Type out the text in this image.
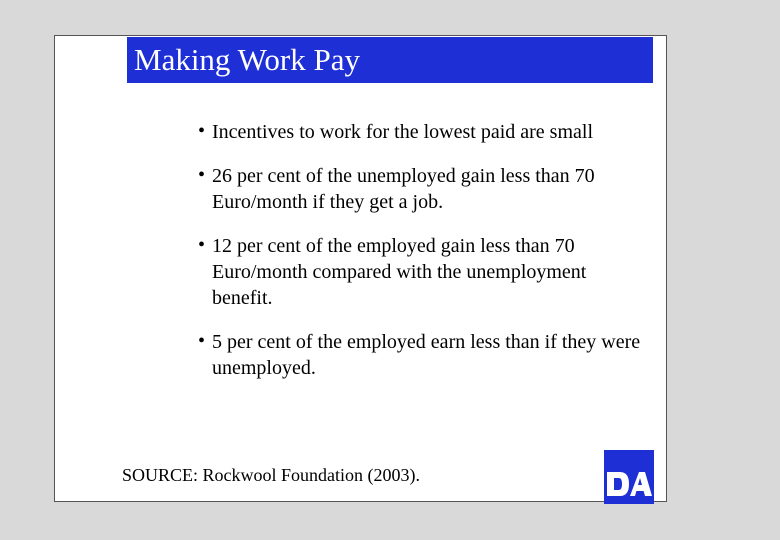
Making Work Pay
• Incentives to work for the lowest paid are small
• 26 per cent of the unemployed gain less than 70 Euro/month if they get a job.
• 12 per cent of the employed gain less than 70 Euro/month compared with the unemployment benefit.
• 5 per cent of the employed earn less than if they were unemployed.
SOURCE: Rockwool Foundation (2003).
